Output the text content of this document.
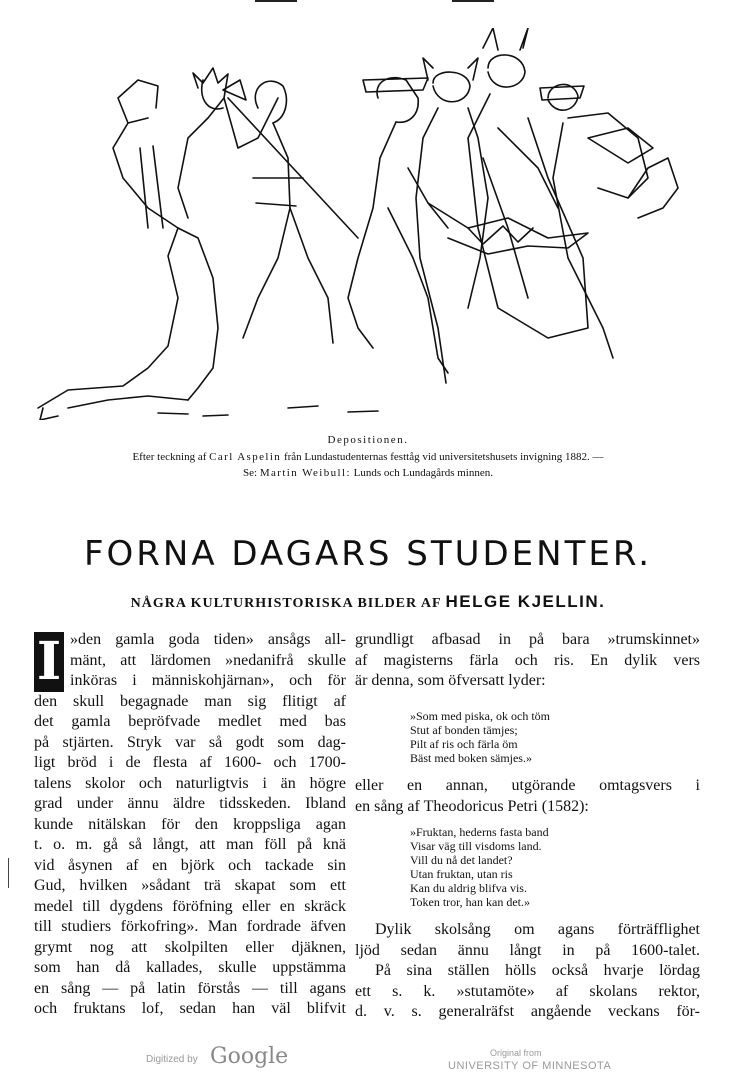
Depositionen.
Efter teckning af Carl Aspelin från Lundastudenternas festtåg vid universitetshusets invigning 1882. —
Se: Martin Weibull: Lunds och Lundagårds minnen.
FORNA DAGARS STUDENTER.
NÅGRA KULTURHISTORISKA BILDER AF HELGE KJELLIN.
I »den gamla goda tiden» ansågs all-
mänt, att lärdomen »nedanifrå skulle
inköras i människohjärnan», och för
den skull begagnade man sig flitigt af
det gamla bepröfvade medlet med bas
på stjärten. Stryk var så godt som dag-
ligt bröd i de flesta af 1600- och 1700-
talens skolor och naturligtvis i än högre
grad under ännu äldre tidsskeden. Ibland
kunde nitälskan för den kroppsliga agan
t. o. m. gå så långt, att man föll på knä
vid åsynen af en björk och tackade sin
Gud, hvilken »sådant trä skapat som ett
medel till dygdens föröfning eller en skräck
till studiers förkofring». Man fordrade äfven
grymt nog att skolpilten eller djäknen,
som han då kallades, skulle uppstämma
en sång — på latin förstås — till agans
och fruktans lof, sedan han väl blifvit
grundligt afbasad in på bara »trumskinnet»
af magisterns färla och ris. En dylik vers
är denna, som öfversatt lyder:
»Som med piska, ok och töm
Stut af bonden tämjes;
Pilt af ris och färla öm
Bäst med boken sämjes.»
eller en annan, utgörande omtagsvers i
en sång af Theodoricus Petri (1582):
»Fruktan, hederns fasta band
Visar väg till visdoms land.
Vill du nå det landet?
Utan fruktan, utan ris
Kan du aldrig blifva vis.
Token tror, han kan det.»
Dylik skolsång om agans förträfflighet
ljöd sedan ännu långt in på 1600-talet.
På sina ställen hölls också hvarje lördag
ett s. k. »stutamöte» af skolans rektor,
d. v. s. generalräfst angående veckans för-
Digitized by Google	Original from
UNIVERSITY OF MINNESOTA
